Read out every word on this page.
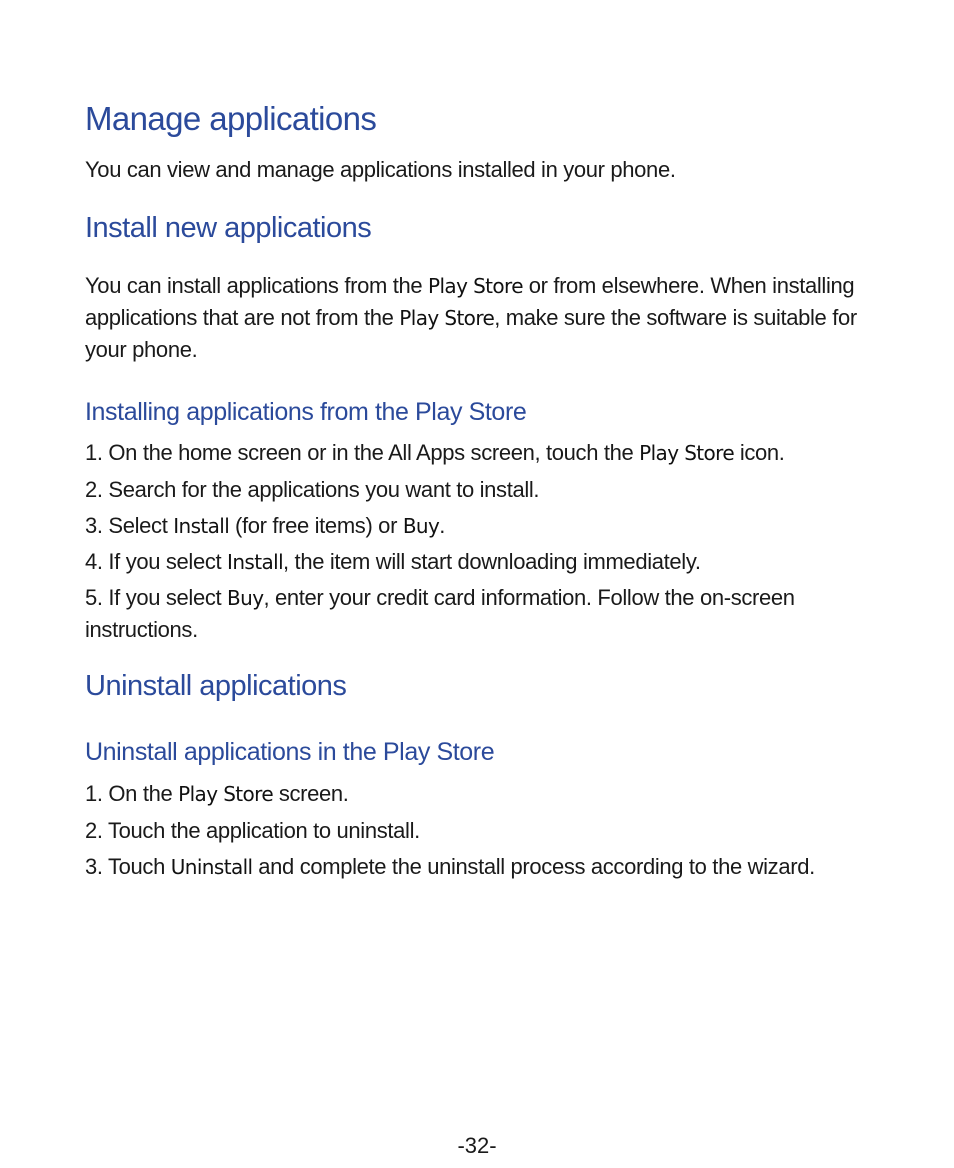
Manage applications

You can view and manage applications installed in your phone.

Install new applications

You can install applications from the Play Store or from elsewhere. When installing applications that are not from the Play Store, make sure the software is suitable for your phone.

Installing applications from the Play Store

1. On the home screen or in the All Apps screen, touch the Play Store icon.

2. Search for the applications you want to install.

3. Select Install (for free items) or Buy.

4. If you select Install, the item will start downloading immediately.

5. If you select Buy, enter your credit card information. Follow the on-screen instructions.

Uninstall applications
Uninstall applications in the Play Store

1. On the Play Store screen.

2. Touch the application to uninstall.

3. Touch Uninstall and complete the uninstall process according to the wizard.

-32-
